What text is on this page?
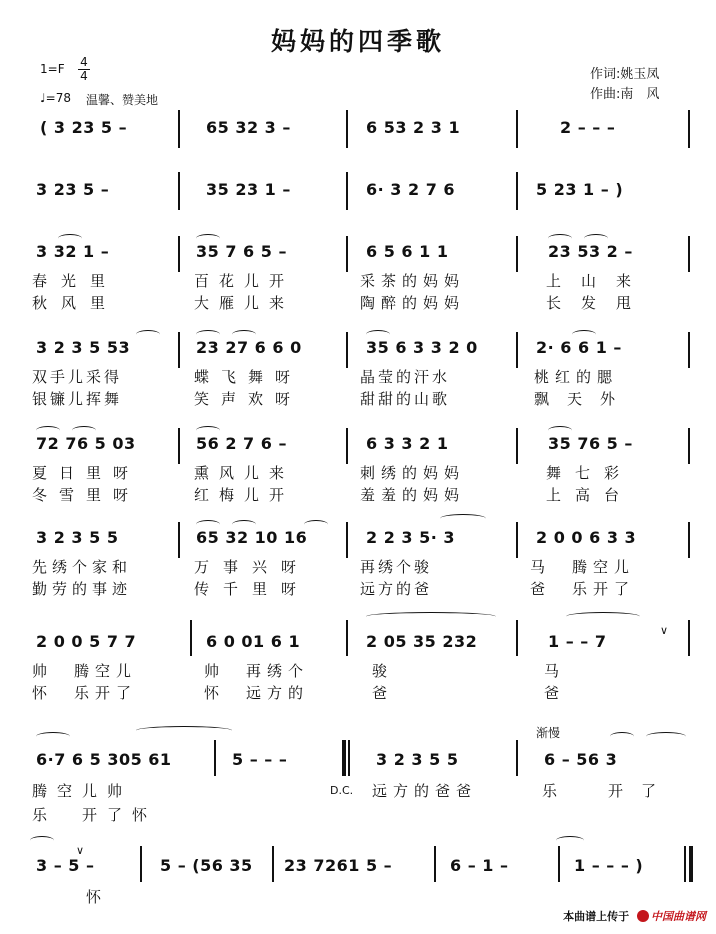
妈妈的四季歌
1=F 4
4
♩=78 温馨、赞美地
作词:姚玉凤
作曲:南　风
( 3 23 5 –	65 32 3 –	6 53 2 3 1	2 – – –
3 23 5 –	35 23 1 –	6· 3 2 7 6	5 23 1 – )
3 32 1 –	35 7 6 5 –	6 5 6 1 1	23 53 2 –
春光里	百花儿开	采茶的妈妈	上山来
秋风里	大雁儿来	陶醉的妈妈	长发甩
3 2 3 5 53	23 27 6 6 0	35 6 3 3 2 0	2· 6 6 1 –
双手儿采得	蝶飞舞呀	晶莹的汗水	桃红的腮
银镰儿挥舞	笑声欢呀	甜甜的山歌	飘天外
72 76 5 03	56 2 7 6 –	6 3 3 2 1	35 76 5 –
夏日里呀	熏风儿来	刺绣的妈妈	舞七彩
冬雪里呀	红梅儿开	羞羞的妈妈	上高台
3 2 3 5 5	65 32 10 16	2 2 3 5· 3	2 0 0 6 3 3
先绣个家和	万事兴呀	再绣个骏	马　腾空儿
勤劳的事迹	传千里呀	远方的爸	爸　乐开了
∨
2 0 0 5 7 7	6 0 01 6 1	2 05 35 232	1 – – 7
帅　腾空儿	帅　再绣个	骏	马
怀　乐开了	怀　远方的	爸	爸
渐慢
6·7 6 5 305 61	5 – – –	3 2 3 5 5	6 – 56 3
D.C.
腾空儿帅	远方的爸爸	乐　开了
乐　开了怀
∨
3 – 5 –	5 – (56 35 23 7261 5 –	6 – 1 –	1 – – – )
怀
本曲谱上传于 中国曲谱网
